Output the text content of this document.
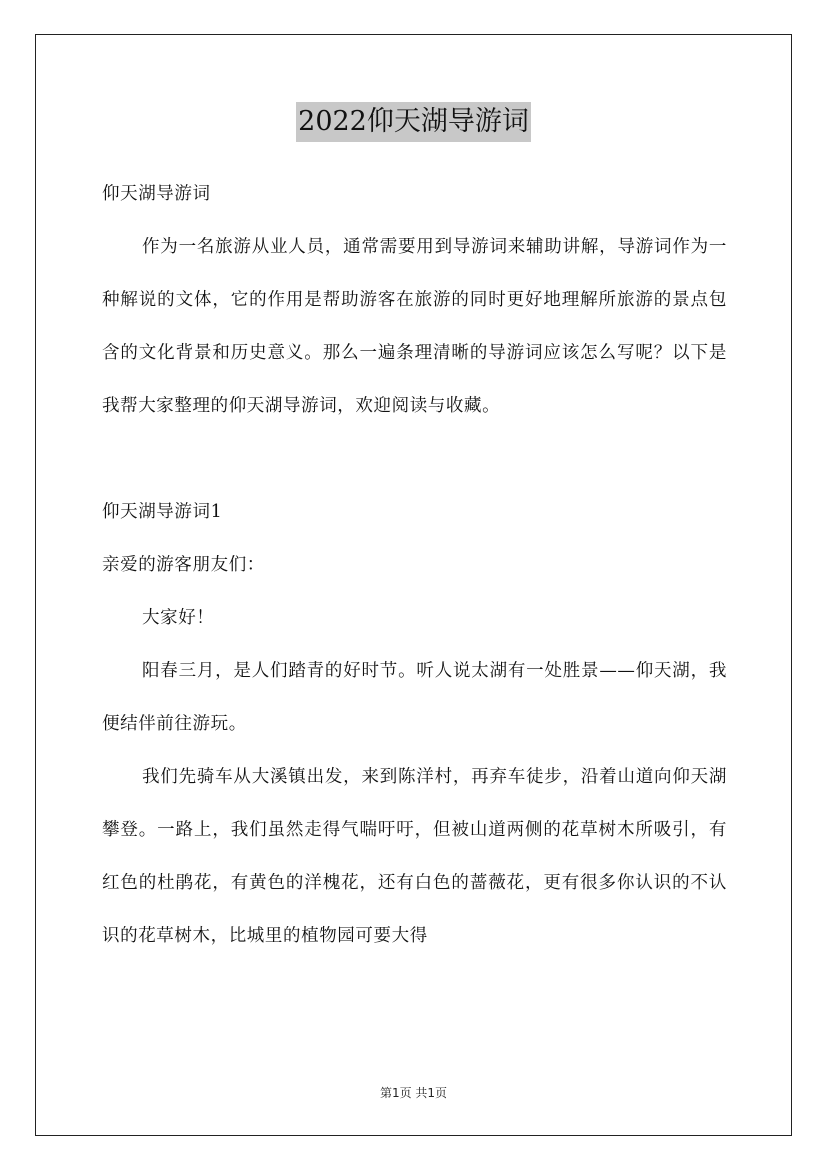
2022仰天湖导游词

仰天湖导游词

作为一名旅游从业人员，通常需要用到导游词来辅助讲解，导游词作为一种解说的文体，它的作用是帮助游客在旅游的同时更好地理解所旅游的景点包含的文化背景和历史意义。那么一遍条理清晰的导游词应该怎么写呢？以下是我帮大家整理的仰天湖导游词，欢迎阅读与收藏。

仰天湖导游词1

亲爱的游客朋友们：

大家好！

阳春三月，是人们踏青的好时节。听人说太湖有一处胜景——仰天湖，我便结伴前往游玩。

我们先骑车从大溪镇出发，来到陈洋村，再弃车徒步，沿着山道向仰天湖攀登。一路上，我们虽然走得气喘吁吁，但被山道两侧的花草树木所吸引，有红色的杜鹃花，有黄色的洋槐花，还有白色的蔷薇花，更有很多你认识的不认识的花草树木，比城里的植物园可要大得

第1页 共1页
